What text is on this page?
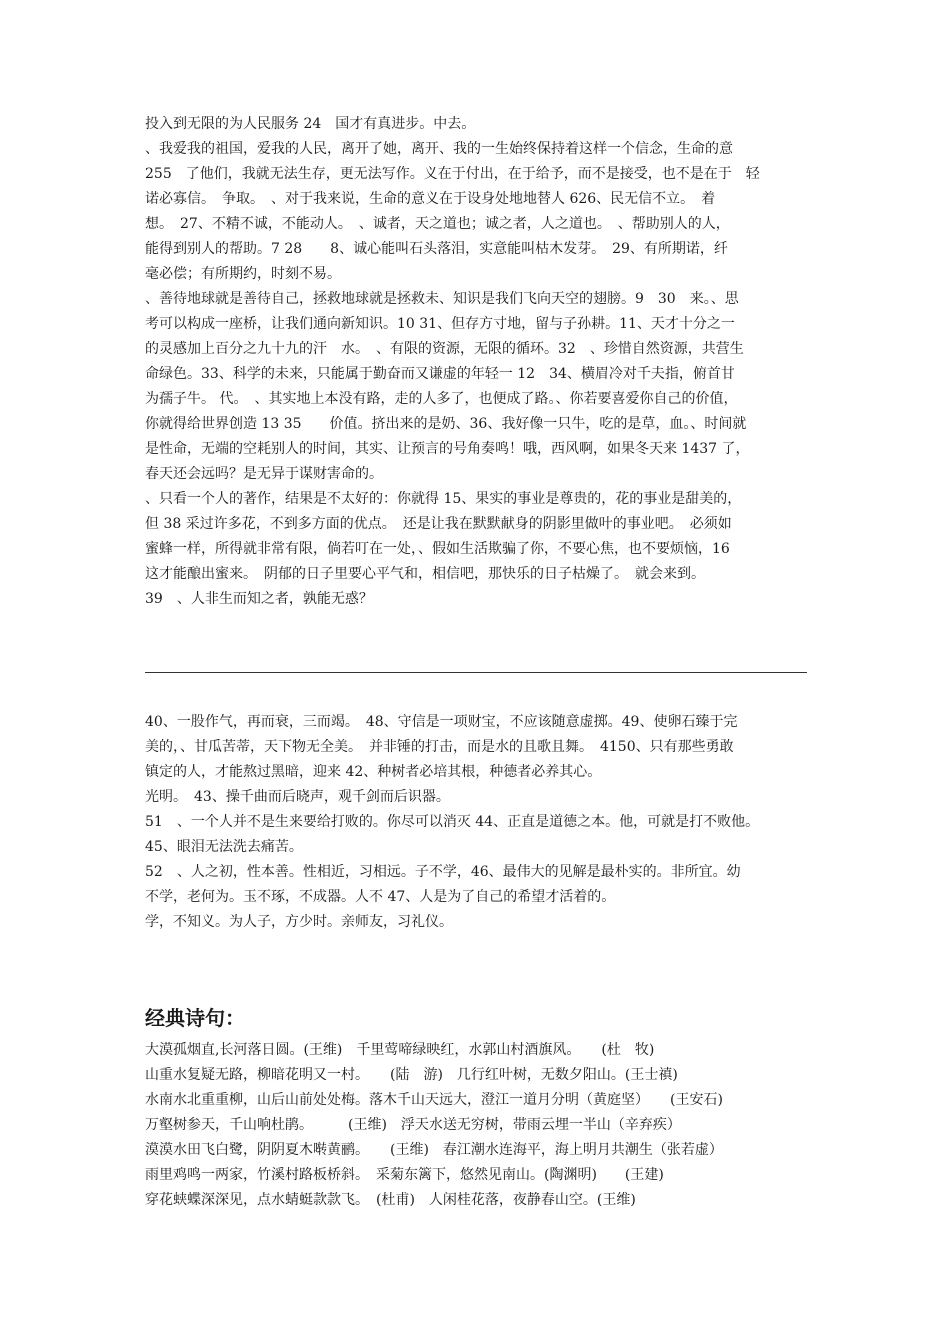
投入到无限的为人民服务 24　国才有真进步。中去。

、我爱我的祖国，爱我的人民，离开了她，离开、我的一生始终保持着这样一个信念，生命的意

255　了他们，我就无法生存，更无法写作。义在于付出，在于给予，而不是接受，也不是在于　轻

诺必寡信。　争取。　、对于我来说，生命的意义在于设身处地地替人 626、民无信不立。　着

想。　27、不精不诚，不能动人。　、诚者，天之道也；诚之者，人之道也。　、帮助别人的人，

能得到别人的帮助。7 28　　8、诚心能叫石头落泪，实意能叫枯木发芽。　29、有所期诺，纤

毫必偿；有所期约，时刻不易。

、善待地球就是善待自己，拯救地球就是拯救未、知识是我们飞向天空的翅膀。9　30　来。、思

考可以构成一座桥，让我们通向新知识。10 31、但存方寸地，留与子孙耕。11、天才十分之一

的灵感加上百分之九十九的汗　水。　、有限的资源，无限的循环。32　、珍惜自然资源，共营生

命绿色。33、科学的未来，只能属于勤奋而又谦虚的年轻一 12　34、横眉冷对千夫指，俯首甘

为孺子牛。 代。　、其实地上本没有路，走的人多了，也便成了路。、你若要喜爱你自己的价值，

你就得给世界创造 13 35　　价值。挤出来的是奶、36、我好像一只牛，吃的是草，血。、时间就

是性命，无端的空耗别人的时间，其实、让预言的号角奏鸣！哦，西风啊，如果冬天来 1437 了，

春天还会远吗？是无异于谋财害命的。

、只看一个人的著作，结果是不太好的：你就得 15、果实的事业是尊贵的，花的事业是甜美的，

但 38 采过许多花，不到多方面的优点。　还是让我在默默献身的阴影里做叶的事业吧。　必须如

蜜蜂一样，所得就非常有限，倘若叮在一处，、假如生活欺骗了你，不要心焦，也不要烦恼，16

这才能酿出蜜来。　阴郁的日子里要心平气和，相信吧，那快乐的日子枯燥了。　就会来到。

39　、人非生而知之者，孰能无惑？

40、一股作气，再而衰，三而竭。　48、守信是一项财宝，不应该随意虚掷。49、使卵石臻于完

美的，、甘瓜苦蒂，天下物无全美。　并非锤的打击，而是水的且歌且舞。　4150、只有那些勇敢

镇定的人，才能熬过黑暗，迎来 42、种树者必培其根，种德者必养其心。

光明。　43、操千曲而后晓声，观千剑而后识器。

51　、一个人并不是生来要给打败的。你尽可以消灭 44、正直是道德之本。他，可就是打不败他。

45、眼泪无法洗去痛苦。

52　、人之初，性本善。性相近，习相远。子不学，46、最伟大的见解是最朴实的。非所宜。幼

不学，老何为。玉不琢，不成器。人不 47、人是为了自己的希望才活着的。

学，不知义。为人子，方少时。亲师友，习礼仪。

经典诗句：

大漠孤烟直,长河落日圆。(王维)　千里莺啼绿映红，水郭山村酒旗风。　　(杜　牧)

山重水复疑无路，柳暗花明又一村。　　(陆　游)　几行红叶树，无数夕阳山。(王士禛)

水南水北重重柳，山后山前处处梅。落木千山天远大，澄江一道月分明（黄庭坚）　　(王安石)

万壑树参天，千山响杜鹃。　　　(王维)　浮天水送无穷树，带雨云埋一半山（辛弃疾）

漠漠水田飞白鹭，阴阴夏木啭黄鹂。　　(王维)　春江潮水连海平，海上明月共潮生（张若虚）

雨里鸡鸣一两家，竹溪村路板桥斜。　采菊东篱下，悠然见南山。(陶渊明)　　(王建)

穿花蛱蝶深深见，点水蜻蜓款款飞。　(杜甫)　人闲桂花落，夜静春山空。(王维)
